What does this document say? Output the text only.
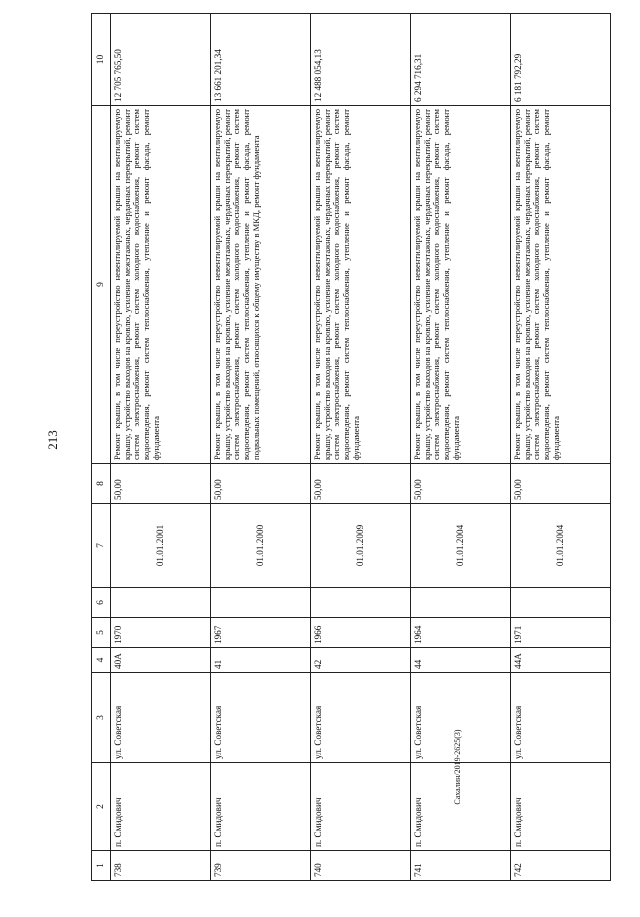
213
1	2	3	4	5	6	7	8	9	10
738	п. Смидович	ул. Советская	40А	1970		01.01.2001	50,00	Ремонт крыши, в том числе переустройство невентилируемой крыши на вентилируемую крышу, устройство выходов на кровлю, усиление межэтажных, чердачных перекрытий, ремонт систем электроснабжения, ремонт систем холодного водоснабжения, ремонт систем водоотведения, ремонт систем теплоснабжения, утепление и ремонт фасада, ремонт фундамента	12 705 765,50
739	п. Смидович	ул. Советская	41	1967		01.01.2000	50,00	Ремонт крыши, в том числе переустройство невентилируемой крыши на вентилируемую крышу, устройство выходов на кровлю, усиление межэтажных, чердачных перекрытий, ремонт систем электроснабжения, ремонт систем холодного водоснабжения, ремонт систем водоотведения, ремонт систем теплоснабжения, утепление и ремонт фасада, ремонт подвальных помещений, относящихся к общему имуществу в МКД, ремонт фундамента	13 661 201,34
740	п. Смидович	ул. Советская	42	1966		01.01.2009	50,00	Ремонт крыши, в том числе переустройство невентилируемой крыши на вентилируемую крышу, устройство выходов на кровлю, усиление межэтажных, чердачных перекрытий, ремонт систем электроснабжения, ремонт систем холодного водоснабжения, ремонт систем водоотведения, ремонт систем теплоснабжения, утепление и ремонт фасада, ремонт фундамента	12 488 054,13
741	п. Смидович	ул. Советская	44	1964		01.01.2004	50,00	Ремонт крыши, в том числе переустройство невентилируемой крыши на вентилируемую крышу, устройство выходов на кровлю, усиление межэтажных, чердачных перекрытий, ремонт систем электроснабжения, ремонт систем холодного водоснабжения, ремонт систем водоотведения, ремонт систем теплоснабжения, утепление и ремонт фасада, ремонт фундамента	6 294 716,31
742	п. Смидович	ул. Советская	44А	1971		01.01.2004	50,00	Ремонт крыши, в том числе переустройство невентилируемой крыши на вентилируемую крышу, устройство выходов на кровлю, усиление межэтажных, чердачных перекрытий, ремонт систем электроснабжения, ремонт систем холодного водоснабжения, ремонт систем водоотведения, ремонт систем теплоснабжения, утепление и ремонт фасада, ремонт фундамента	6 181 792,29
Сахалин/2019-2625(3)
